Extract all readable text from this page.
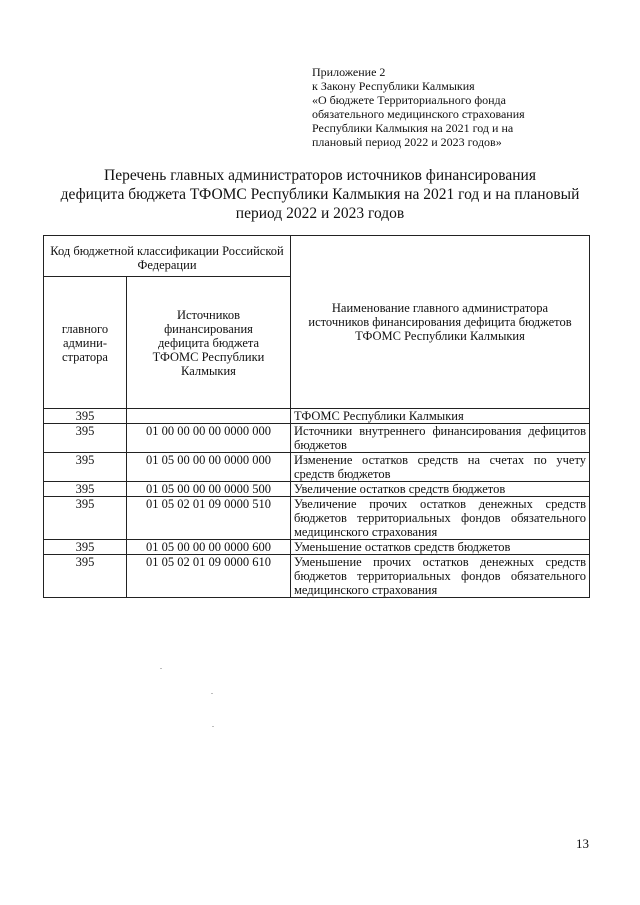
Приложение 2
к Закону Республики Калмыкия
«О бюджете Территориального фонда
обязательного медицинского страхования
Республики Калмыкия на 2021 год и на
плановый период 2022 и 2023 годов»
Перечень главных администраторов источников финансирования
дефицита бюджета ТФОМС Республики Калмыкия на 2021 год и на плановый
период 2022 и 2023 годов
Код бюджетной классификации Российской Федерации		Наименование главного администратора источников финансирования дефицита бюджетов ТФОМС Республики Калмыкия
главного админи-стратора	Источников финансирования дефицита бюджета ТФОМС Республики Калмыкия	
395		ТФОМС Республики Калмыкия
395	01 00 00 00 00 0000 000	Источники внутреннего финансирования дефицитов бюджетов
395	01 05 00 00 00 0000 000	Изменение остатков средств на счетах по учету средств бюджетов
395	01 05 00 00 00 0000 500	Увеличение остатков средств бюджетов
395	01 05 02 01 09 0000 510	Увеличение прочих остатков денежных средств бюджетов территориальных фондов обязательного медицинского страхования
395	01 05 00 00 00 0000 600	Уменьшение остатков средств бюджетов
395	01 05 02 01 09 0000 610	Уменьшение прочих остатков денежных средств бюджетов территориальных фондов обязательного медицинского страхования
13
